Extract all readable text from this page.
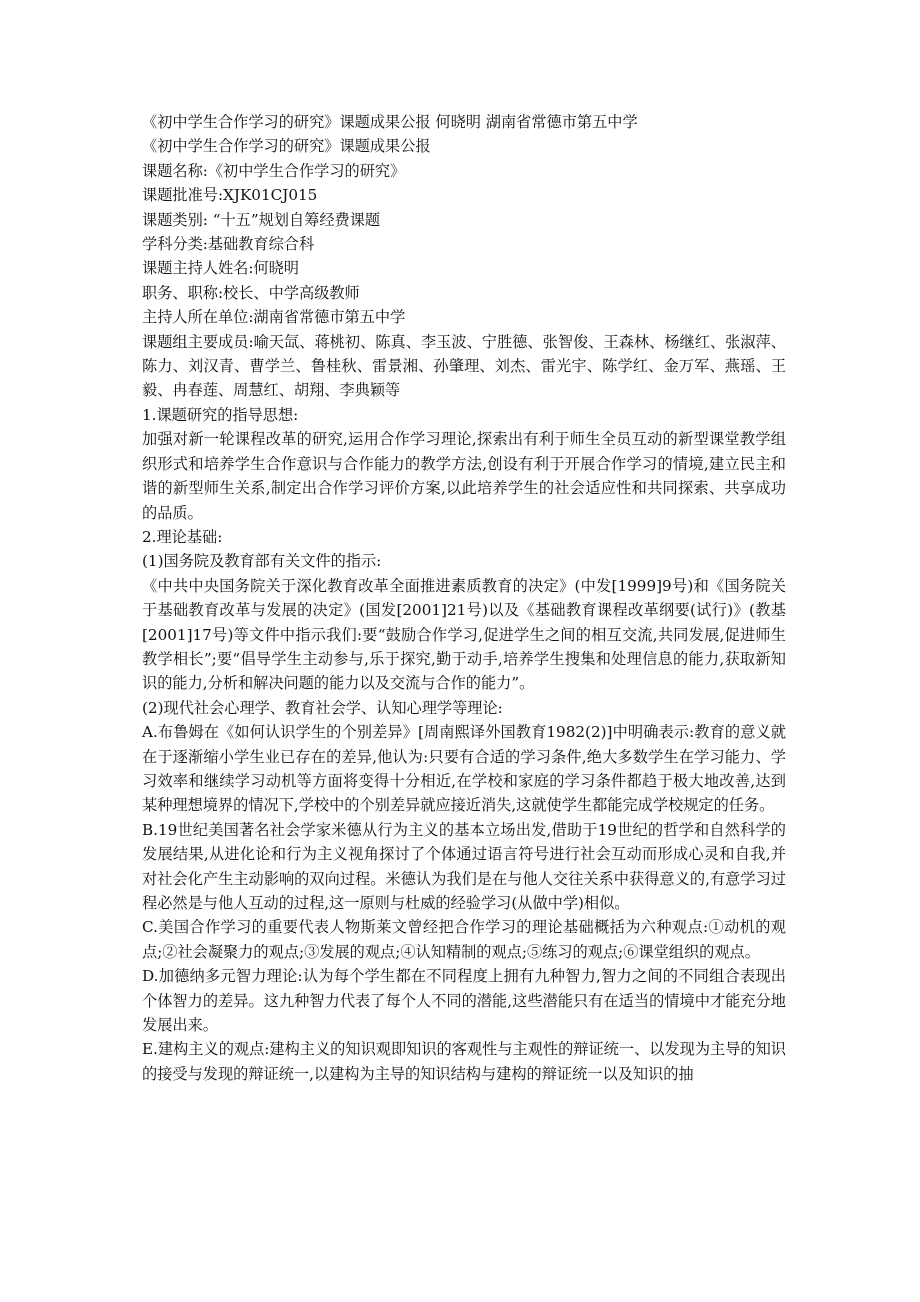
《初中学生合作学习的研究》课题成果公报 何晓明 湖南省常德市第五中学

《初中学生合作学习的研究》课题成果公报

课题名称:《初中学生合作学习的研究》

课题批准号:XJK01CJ015

课题类别: “十五”规划自筹经费课题

学科分类:基础教育综合科

课题主持人姓名:何晓明

职务、职称:校长、中学高级教师

主持人所在单位:湖南省常德市第五中学

课题组主要成员:喻天氙、蒋桃初、陈真、李玉波、宁胜德、张智俊、王森林、杨继红、张淑萍、陈力、刘汉青、曹学兰、鲁桂秋、雷景湘、孙肇理、刘杰、雷光宇、陈学红、金万军、燕瑶、王毅、冉春莲、周慧红、胡翔、李典颖等

1.课题研究的指导思想:

加强对新一轮课程改革的研究,运用合作学习理论,探索出有利于师生全员互动的新型课堂教学组织形式和培养学生合作意识与合作能力的教学方法,创设有利于开展合作学习的情境,建立民主和谐的新型师生关系,制定出合作学习评价方案,以此培养学生的社会适应性和共同探索、共享成功的品质。

2.理论基础:

(1)国务院及教育部有关文件的指示:

《中共中央国务院关于深化教育改革全面推进素质教育的决定》(中发[1999]9号)和《国务院关于基础教育改革与发展的决定》(国发[2001]21号)以及《基础教育课程改革纲要(试行)》(教基[2001]17号)等文件中指示我们:要“鼓励合作学习,促进学生之间的相互交流,共同发展,促进师生教学相长”;要“倡导学生主动参与,乐于探究,勤于动手,培养学生搜集和处理信息的能力,获取新知识的能力,分析和解决问题的能力以及交流与合作的能力”。

(2)现代社会心理学、教育社会学、认知心理学等理论:

A.布鲁姆在《如何认识学生的个别差异》[周南熙译外国教育1982(2)]中明确表示:教育的意义就在于逐渐缩小学生业已存在的差异,他认为:只要有合适的学习条件,绝大多数学生在学习能力、学习效率和继续学习动机等方面将变得十分相近,在学校和家庭的学习条件都趋于极大地改善,达到某种理想境界的情况下,学校中的个别差异就应接近消失,这就使学生都能完成学校规定的任务。

B.19世纪美国著名社会学家米德从行为主义的基本立场出发,借助于19世纪的哲学和自然科学的发展结果,从进化论和行为主义视角探讨了个体通过语言符号进行社会互动而形成心灵和自我,并对社会化产生主动影响的双向过程。米德认为我们是在与他人交往关系中获得意义的,有意学习过程必然是与他人互动的过程,这一原则与杜威的经验学习(从做中学)相似。

C.美国合作学习的重要代表人物斯莱文曾经把合作学习的理论基础概括为六种观点:①动机的观点;②社会凝聚力的观点;③发展的观点;④认知精制的观点;⑤练习的观点;⑥课堂组织的观点。

D.加德纳多元智力理论:认为每个学生都在不同程度上拥有九种智力,智力之间的不同组合表现出个体智力的差异。这九种智力代表了每个人不同的潜能,这些潜能只有在适当的情境中才能充分地发展出来。

E.建构主义的观点:建构主义的知识观即知识的客观性与主观性的辩证统一、以发现为主导的知识的接受与发现的辩证统一,以建构为主导的知识结构与建构的辩证统一以及知识的抽
